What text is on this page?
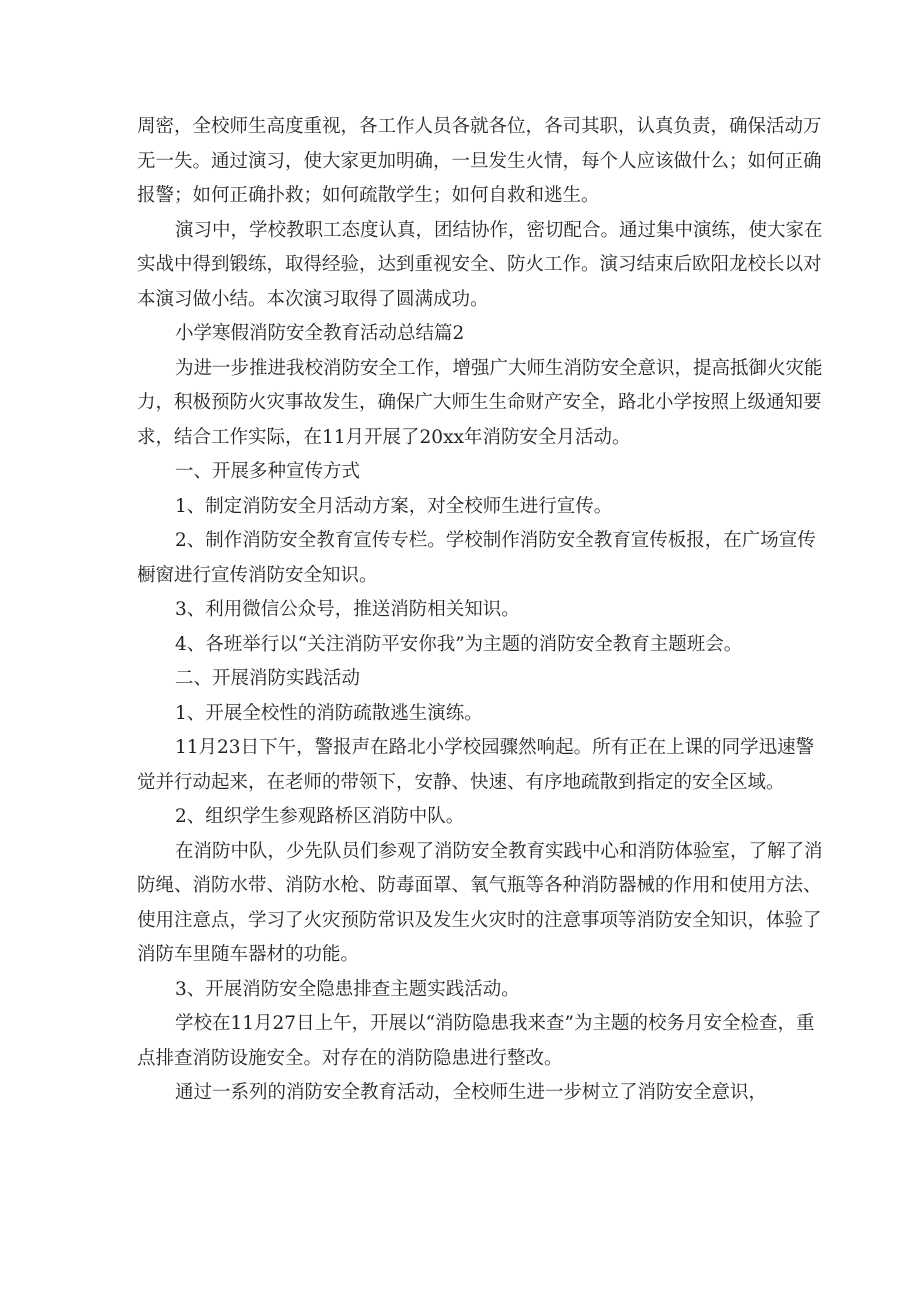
周密，全校师生高度重视，各工作人员各就各位，各司其职，认真负责，确保活动万无一失。通过演习，使大家更加明确，一旦发生火情，每个人应该做什么；如何正确报警；如何正确扑救；如何疏散学生；如何自救和逃生。

演习中，学校教职工态度认真，团结协作，密切配合。通过集中演练，使大家在实战中得到锻练，取得经验，达到重视安全、防火工作。演习结束后欧阳龙校长以对本演习做小结。本次演习取得了圆满成功。

小学寒假消防安全教育活动总结篇2

为进一步推进我校消防安全工作，增强广大师生消防安全意识，提高抵御火灾能力，积极预防火灾事故发生，确保广大师生生命财产安全，路北小学按照上级通知要求，结合工作实际，在11月开展了20xx年消防安全月活动。

一、开展多种宣传方式

1、制定消防安全月活动方案，对全校师生进行宣传。

2、制作消防安全教育宣传专栏。学校制作消防安全教育宣传板报，在广场宣传橱窗进行宣传消防安全知识。

3、利用微信公众号，推送消防相关知识。

4、各班举行以“关注消防平安你我”为主题的消防安全教育主题班会。

二、开展消防实践活动

1、开展全校性的消防疏散逃生演练。

11月23日下午，警报声在路北小学校园骤然响起。所有正在上课的同学迅速警觉并行动起来，在老师的带领下，安静、快速、有序地疏散到指定的安全区域。

2、组织学生参观路桥区消防中队。

在消防中队，少先队员们参观了消防安全教育实践中心和消防体验室，了解了消防绳、消防水带、消防水枪、防毒面罩、氧气瓶等各种消防器械的作用和使用方法、使用注意点，学习了火灾预防常识及发生火灾时的注意事项等消防安全知识，体验了消防车里随车器材的功能。

3、开展消防安全隐患排查主题实践活动。

学校在11月27日上午，开展以“消防隐患我来查”为主题的校务月安全检查，重点排查消防设施安全。对存在的消防隐患进行整改。

通过一系列的消防安全教育活动，全校师生进一步树立了消防安全意识，
